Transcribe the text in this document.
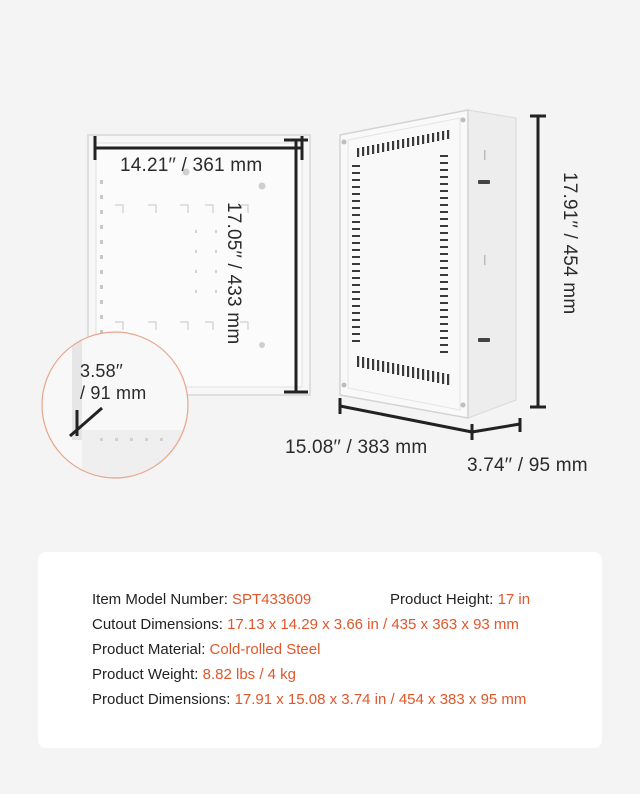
14.21′′ / 361 mm
17.05′′ / 433 mm
3.58′′
/ 91 mm
17.91′′ / 454 mm
15.08′′ / 383 mm
3.74′′ / 95 mm
Item Model Number: SPT433609	Product Height: 17 in
Cutout Dimensions: 17.13 x 14.29 x 3.66 in / 435 x 363 x 93 mm
Product Material: Cold-rolled Steel
Product Weight: 8.82 lbs / 4 kg
Product Dimensions: 17.91 x 15.08 x 3.74 in / 454 x 383 x 95 mm
